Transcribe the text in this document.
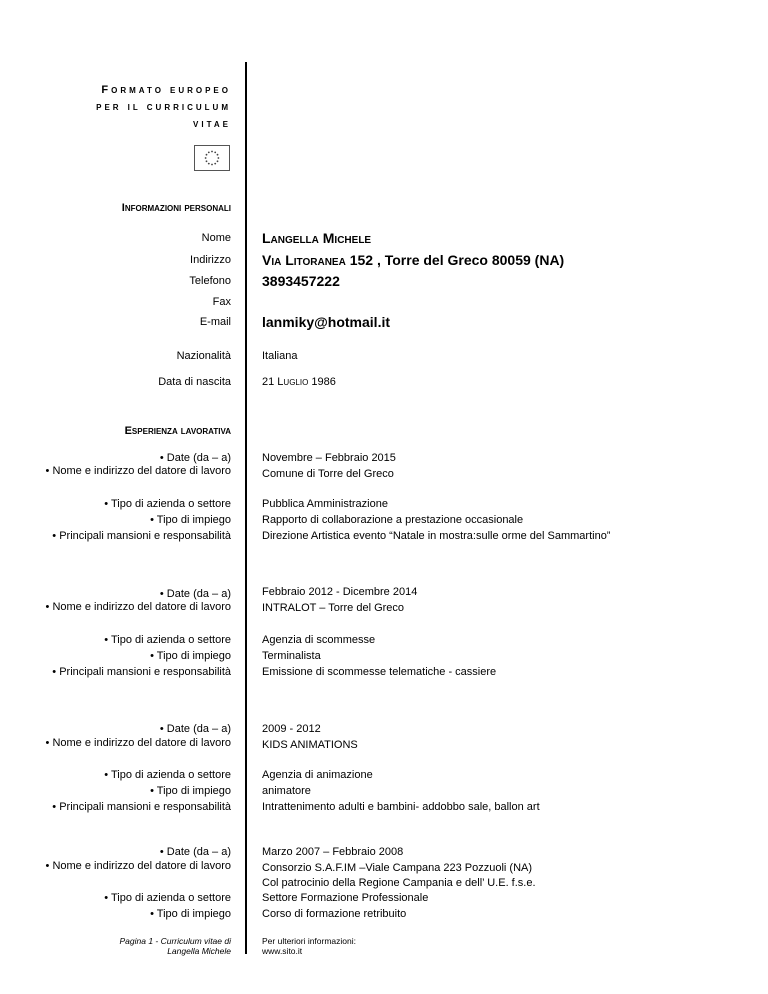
Formato europeo
per il curriculum
vitae
Informazioni personali
Nome Langella Michele
Indirizzo Via Litoranea 152 , Torre del Greco 80059 (NA)
Telefono 3893457222
Fax
E-mail lanmiky@hotmail.it
Nazionalità	Italiana
Data di nascita	21 Luglio 1986
Esperienza lavorativa
• Date (da – a)
• Nome e indirizzo del datore di lavoro
• Tipo di azienda o settore
• Tipo di impiego
• Principali mansioni e responsabilità
Novembre – Febbraio 2015
Comune di Torre del Greco
Pubblica Amministrazione
Rapporto di collaborazione a prestazione occasionale
Direzione Artistica evento “Natale in mostra:sulle orme del Sammartino”
• Date (da – a)
• Nome e indirizzo del datore di lavoro
• Tipo di azienda o settore
• Tipo di impiego
• Principali mansioni e responsabilità
Febbraio 2012 - Dicembre 2014
INTRALOT – Torre del Greco
Agenzia di scommesse
Terminalista
Emissione di scommesse telematiche - cassiere
• Date (da – a)
• Nome e indirizzo del datore di lavoro
• Tipo di azienda o settore
• Tipo di impiego
• Principali mansioni e responsabilità
2009 - 2012
KIDS ANIMATIONS
Agenzia di animazione
animatore
Intrattenimento adulti e bambini- addobbo sale, ballon art
• Date (da – a)
• Nome e indirizzo del datore di lavoro
• Tipo di azienda o settore
• Tipo di impiego
Marzo 2007 – Febbraio 2008
Consorzio S.A.F.IM –Viale Campana 223 Pozzuoli (NA)
Col patrocinio della Regione Campania e dell’ U.E. f.s.e.
Settore Formazione Professionale
Corso di formazione retribuito
Pagina 1 - Curriculum vitae di
Langella Michele
Per ulteriori informazioni:
www.sito.it
